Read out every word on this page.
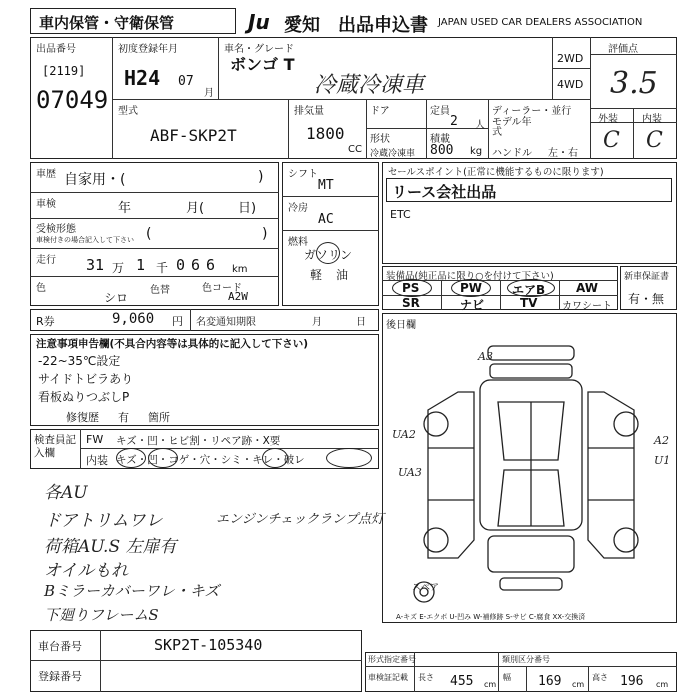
車内保管・守衛保管	Ju 愛知 出品申込書 JAPAN USED CAR DEALERS ASSOCIATION
出品番号
[2119]
07049
初度登録年月
H24 07
月
車名・グレード
ボンゴ T
冷蔵冷凍車
2WD
4WD
評価点
3.5
外装 内装
C C
型式
ABF-SKP2T
排気量
1800
CC
ドア
形状
冷蔵冷凍車
定員
2 人
積載
800 kg
ディーラー・並行
モデル年式
ハンドル 左・右
車歴 自家用・(	)
車検	年	月(	日)
受検形態
車検付きの場合記入して下さい (	)
走行 31 万 1 千 066 km
色
シロ
色替	色コード
A2W
シフト
MT
冷房
AC
燃料
ガソリン
軽 油
R券	9,060 円 名変通知期限	月	日
注意事項申告欄(不具合内容等は具体的に記入して下さい)
-22~35℃設定
サイドトビラあり
看板ぬりつぶしP
修復歴 有 箇所
検査員記入欄
FW キズ・凹・ヒビ割・リペア跡・X要
内装 キズ・凹・コゲ・穴・シミ・キレ・破レ
各AU
ドアトリムワレ	エンジンチェックランプ点灯
荷箱AU.S 左扉有
オイルもれ
Bミラーカバーワレ・キズ
下廻りフレームS
車台番号	SKP2T-105340
登録番号
セールスポイント(正常に機能するものに限ります)
リース会社出品
ETC
装備品(純正品に限り○を付けて下さい)
PS	PW エアB	AW
SR	ナビ	TV カワシート
新車保証書
有・無
後日欄
A3
UA2
UA3
A2
U1
スペア
A-キズ E-エクボ U-凹み W-補修跡 S-サビ C-腐食 XX-交換済
形式指定番号	類別区分番号
車検証記載 長さ 455 cm
幅 169 cm
高さ 196 cm
